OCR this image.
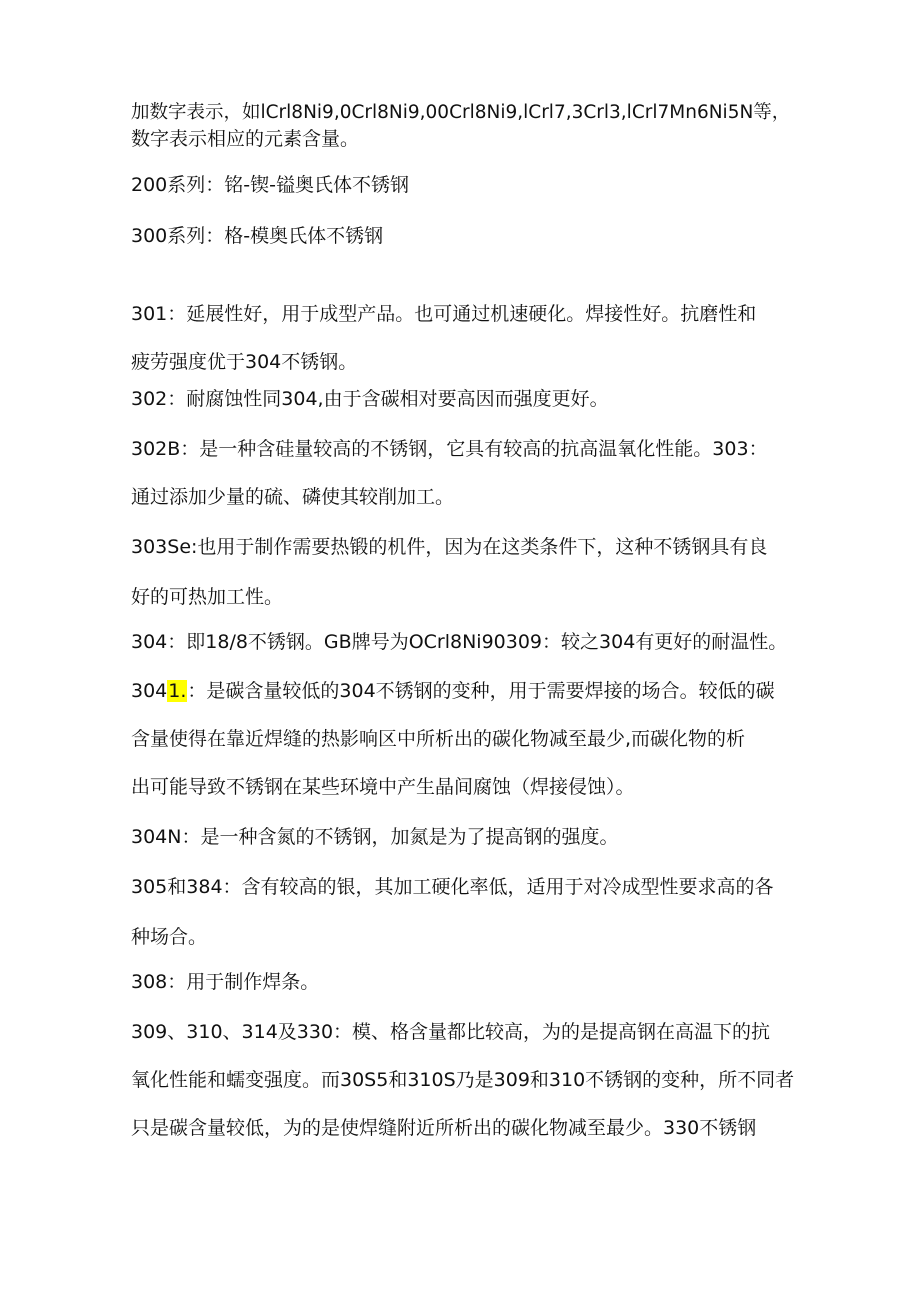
加数字表示，如lCrl8Ni9,0Crl8Ni9,00Crl8Ni9,lCrl7,3Crl3,lCrl7Mn6Ni5N等，
数字表示相应的元素含量。

200系列：铭-锲-镒奥氏体不锈钢

300系列：格-模奥氏体不锈钢

301：延展性好，用于成型产品。也可通过机速硬化。焊接性好。抗磨性和
疲劳强度优于304不锈钢。

302：耐腐蚀性同304,由于含碳相对要高因而强度更好。

302B：是一种含硅量较高的不锈钢，它具有较高的抗高温氧化性能。303：
通过添加少量的硫、磷使其较削加工。

303Se:也用于制作需要热锻的机件，因为在这类条件下，这种不锈钢具有良
好的可热加工性。

304：即18/8不锈钢。GB牌号为OCrl8Ni90309：较之304有更好的耐温性。

3041.：是碳含量较低的304不锈钢的变种，用于需要焊接的场合。较低的碳
含量使得在靠近焊缝的热影响区中所析出的碳化物减至最少,而碳化物的析
出可能导致不锈钢在某些环境中产生晶间腐蚀（焊接侵蚀）。

304N：是一种含氮的不锈钢，加氮是为了提高钢的强度。

305和384：含有较高的银，其加工硬化率低，适用于对冷成型性要求高的各
种场合。

308：用于制作焊条。

309、310、314及330：模、格含量都比较高，为的是提高钢在高温下的抗
氧化性能和蠕变强度。而30S5和310S乃是309和310不锈钢的变种，所不同者
只是碳含量较低，为的是使焊缝附近所析出的碳化物减至最少。330不锈钢
